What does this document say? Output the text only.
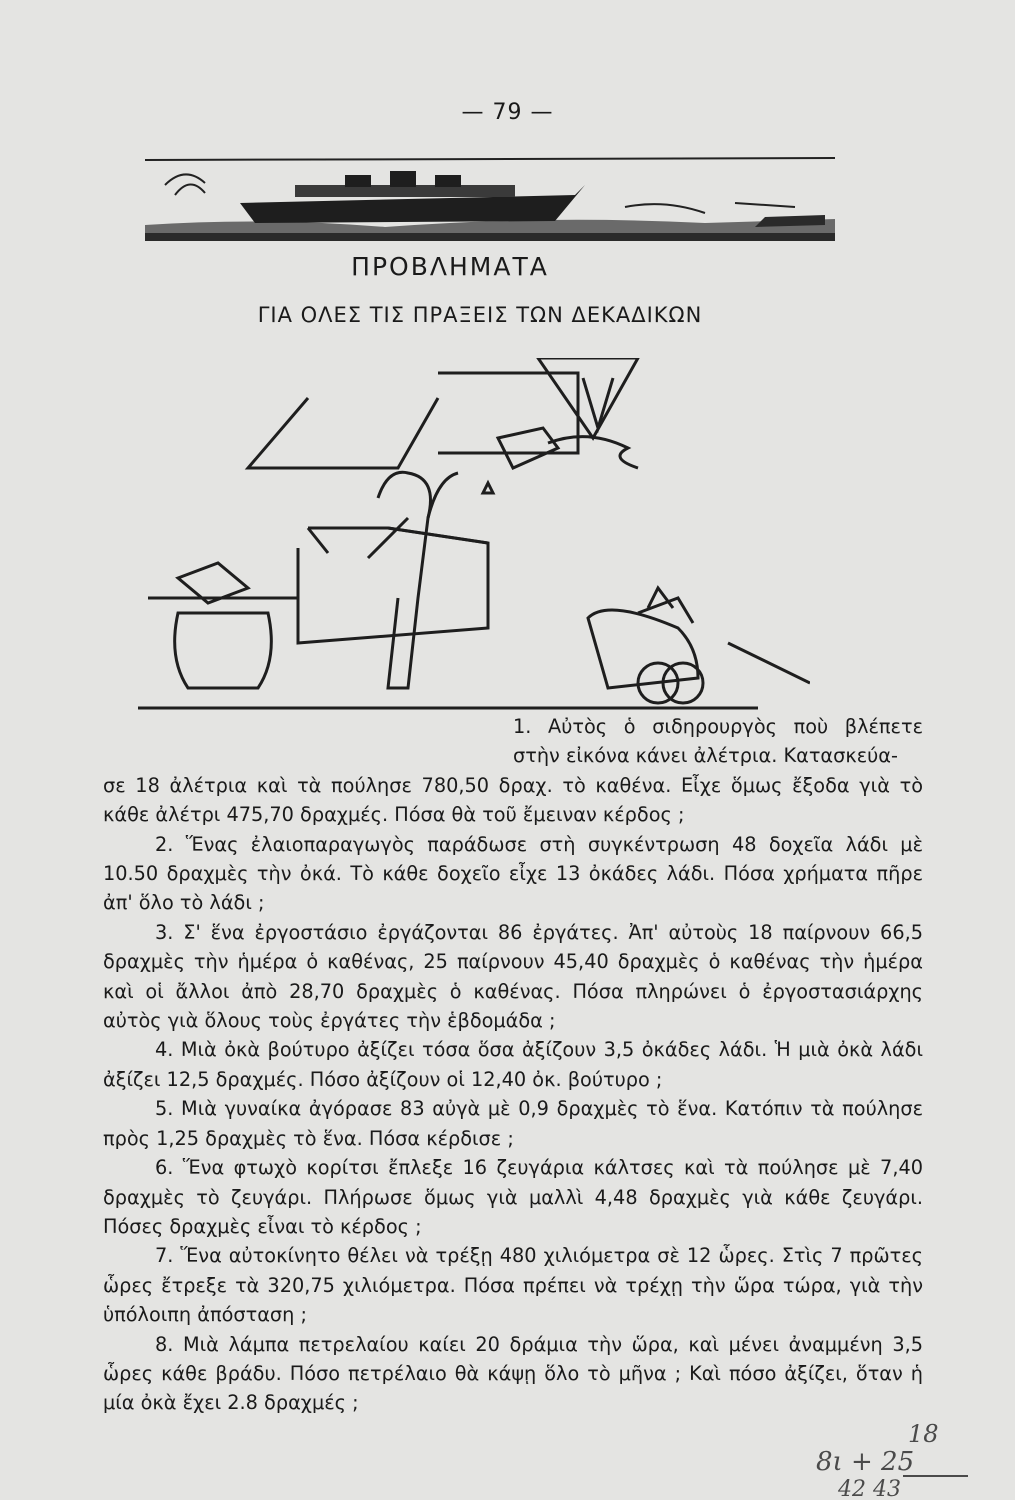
— 79 —
ΠΡΟΒΛΗΜΑΤΑ
ΓΙΑ ΟΛΕΣ ΤΙΣ ΠΡΑΞΕΙΣ ΤΩΝ ΔΕΚΑΔΙΚΩΝ

1. Αὐτὸς ὁ σιδηρουργὸς ποὺ βλέπετε στὴν εἰκόνα κάνει ἀλέτρια. Κατασκεύα-
σε 18 ἀλέτρια καὶ τὰ πούλησε 780,50 δραχ. τὸ καθένα. Εἶχε ὅμως ἔξοδα γιὰ τὸ κάθε ἀλέτρι 475,70 δραχμές. Πόσα θὰ τοῦ ἔμειναν κέρδος ;

2. Ἕνας ἐλαιοπαραγωγὸς παράδωσε στὴ συγκέντρωση 48 δοχεῖα λάδι μὲ 10.50 δραχμὲς τὴν ὀκά. Τὸ κάθε δοχεῖο εἶχε 13 ὀκάδες λάδι. Πόσα χρήματα πῆρε ἀπ' ὅλο τὸ λάδι ;

3. Σ' ἕνα ἐργοστάσιο ἐργάζονται 86 ἐργάτες. Ἀπ' αὐτοὺς 18 παίρνουν 66,5 δραχμὲς τὴν ἡμέρα ὁ καθένας, 25 παίρνουν 45,40 δραχμὲς ὁ καθένας τὴν ἡμέρα καὶ οἱ ἄλλοι ἀπὸ 28,70 δραχμὲς ὁ καθένας. Πόσα πληρώνει ὁ ἐργοστασιάρχης αὐτὸς γιὰ ὅλους τοὺς ἐργάτες τὴν ἑβδομάδα ;

4. Μιὰ ὀκὰ βούτυρο ἀξίζει τόσα ὅσα ἀξίζουν 3,5 ὀκάδες λάδι. Ἡ μιὰ ὀκὰ λάδι ἀξίζει 12,5 δραχμές. Πόσο ἀξίζουν οἱ 12,40 ὀκ. βούτυρο ;

5. Μιὰ γυναίκα ἀγόρασε 83 αὐγὰ μὲ 0,9 δραχμὲς τὸ ἕνα. Κατόπιν τὰ πούλησε πρὸς 1,25 δραχμὲς τὸ ἕνα. Πόσα κέρδισε ;

6. Ἕνα φτωχὸ κορίτσι ἔπλεξε 16 ζευγάρια κάλτσες καὶ τὰ πούλησε μὲ 7,40 δραχμὲς τὸ ζευγάρι. Πλήρωσε ὅμως γιὰ μαλλὶ 4,48 δραχμὲς γιὰ κάθε ζευγάρι. Πόσες δραχμὲς εἶναι τὸ κέρδος ;

7. Ἕνα αὐτοκίνητο θέλει νὰ τρέξῃ 480 χιλιόμετρα σὲ 12 ὧρες. Στὶς 7 πρῶτες ὧρες ἔτρεξε τὰ 320,75 χιλιόμετρα. Πόσα πρέπει νὰ τρέχῃ τὴν ὥρα τώρα, γιὰ τὴν ὑπόλοιπη ἀπόσταση ;

8. Μιὰ λάμπα πετρελαίου καίει 20 δράμια τὴν ὥρα, καὶ μένει ἀναμμένη 3,5 ὧρες κάθε βράδυ. Πόσο πετρέλαιο θὰ κάψῃ ὅλο τὸ μῆνα ; Καὶ πόσο ἀξίζει, ὅταν ἡ μία ὀκὰ ἔχει 2.8 δραχμές ;

18
8ι + 25
42 43
